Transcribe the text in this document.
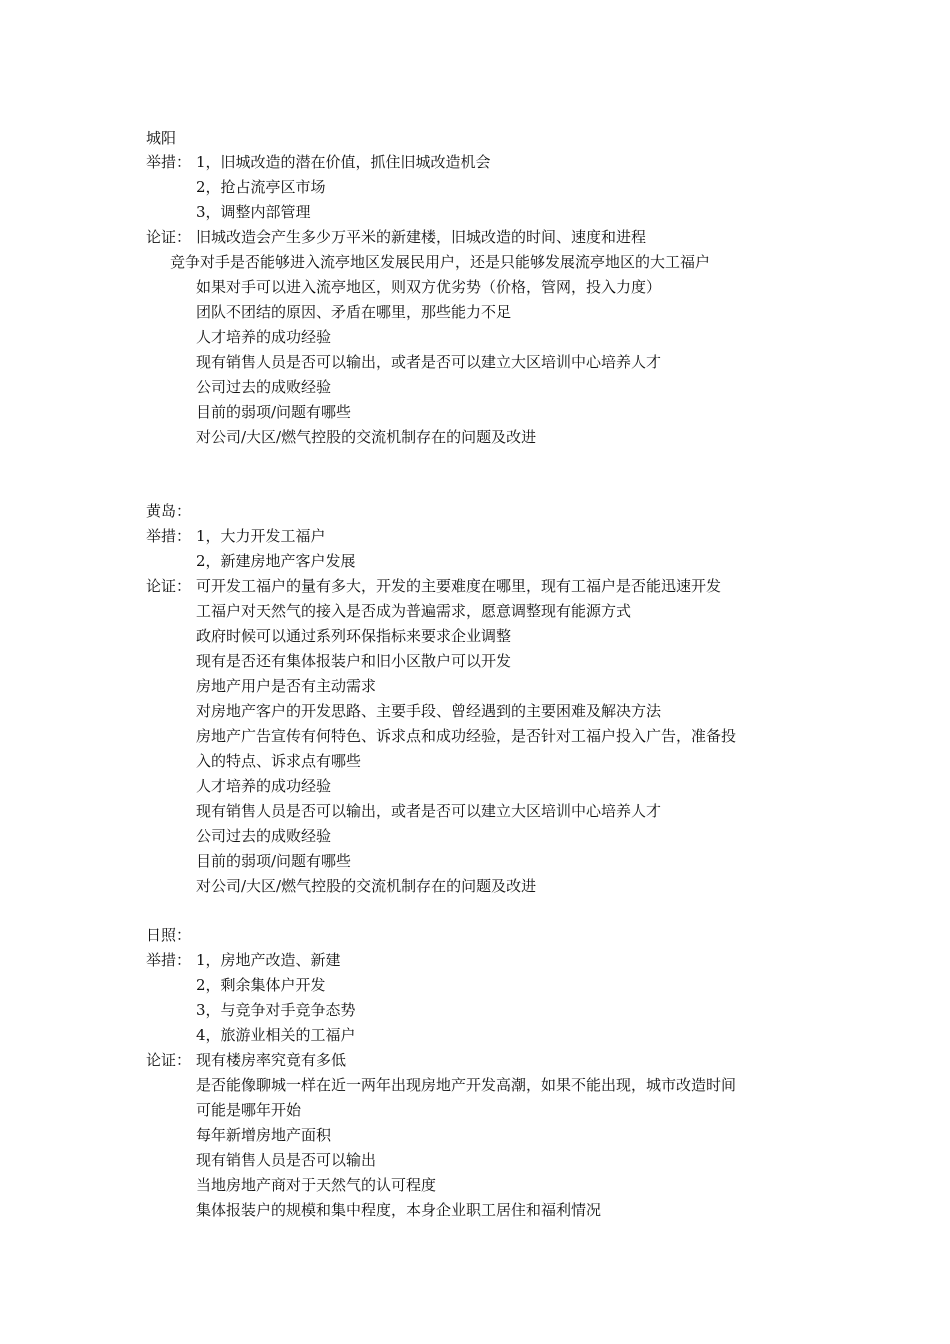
城阳
举措： 1，旧城改造的潜在价值，抓住旧城改造机会
2，抢占流亭区市场
3，调整内部管理
论证： 旧城改造会产生多少万平米的新建楼，旧城改造的时间、速度和进程
竞争对手是否能够进入流亭地区发展民用户，还是只能够发展流亭地区的大工福户
如果对手可以进入流亭地区，则双方优劣势（价格，管网，投入力度）
团队不团结的原因、矛盾在哪里，那些能力不足
人才培养的成功经验
现有销售人员是否可以输出，或者是否可以建立大区培训中心培养人才
公司过去的成败经验
目前的弱项/问题有哪些
对公司/大区/燃气控股的交流机制存在的问题及改进
黄岛：
举措： 1，大力开发工福户
2，新建房地产客户发展
论证： 可开发工福户的量有多大，开发的主要难度在哪里，现有工福户是否能迅速开发
工福户对天然气的接入是否成为普遍需求，愿意调整现有能源方式
政府时候可以通过系列环保指标来要求企业调整
现有是否还有集体报装户和旧小区散户可以开发
房地产用户是否有主动需求
对房地产客户的开发思路、主要手段、曾经遇到的主要困难及解决方法
房地产广告宣传有何特色、诉求点和成功经验，是否针对工福户投入广告，准备投
入的特点、诉求点有哪些
人才培养的成功经验
现有销售人员是否可以输出，或者是否可以建立大区培训中心培养人才
公司过去的成败经验
目前的弱项/问题有哪些
对公司/大区/燃气控股的交流机制存在的问题及改进
日照：
举措： 1，房地产改造、新建
2，剩余集体户开发
3，与竞争对手竞争态势
4，旅游业相关的工福户
论证： 现有楼房率究竟有多低
是否能像聊城一样在近一两年出现房地产开发高潮，如果不能出现，城市改造时间
可能是哪年开始
每年新增房地产面积
现有销售人员是否可以输出
当地房地产商对于天然气的认可程度
集体报装户的规模和集中程度，本身企业职工居住和福利情况
